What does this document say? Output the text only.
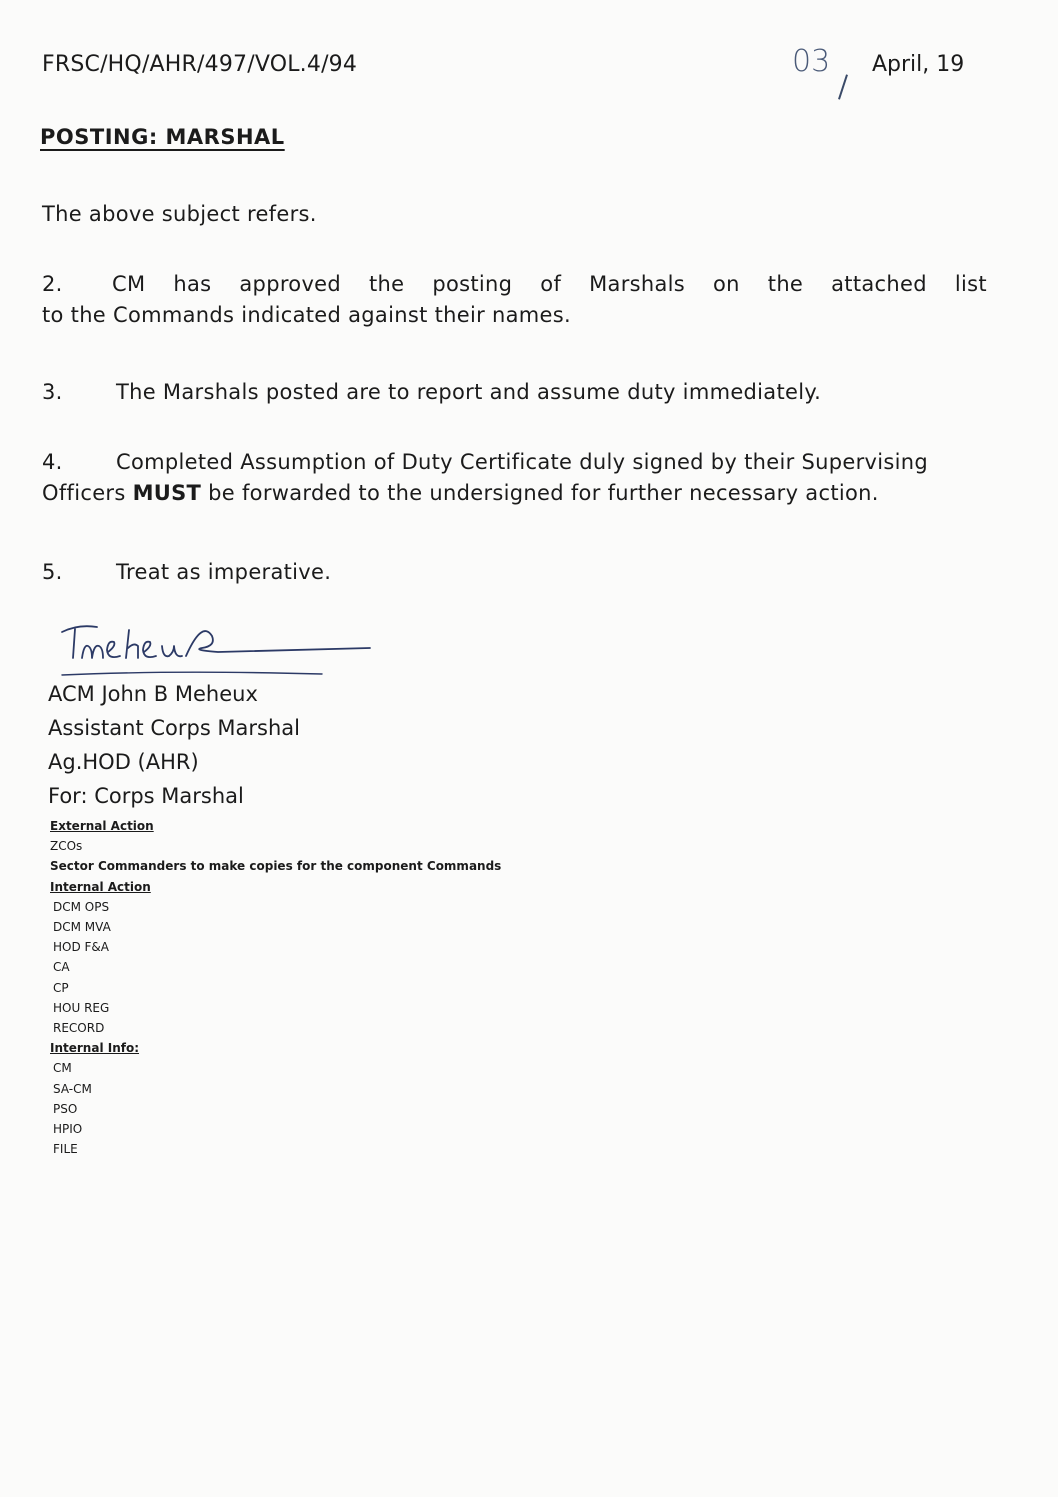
FRSC/HQ/AHR/497/VOL.4/94	03 April, 19
POSTING: MARSHAL
The above subject refers.
2. CM has approved the posting of Marshals on the attached list
to the Commands indicated against their names.
3.	The Marshals posted are to report and assume duty immediately.
4.	Completed Assumption of Duty Certificate duly signed by their Supervising
Officers MUST be forwarded to the undersigned for further necessary action.
5.	Treat as imperative.
ACM John B Meheux
Assistant Corps Marshal
Ag.HOD (AHR)
For: Corps Marshal
External Action
ZCOs
Sector Commanders to make copies for the component Commands
Internal Action
DCM OPS
DCM MVA
HOD F&A
CA
CP
HOU REG
RECORD
Internal Info:
CM
SA-CM
PSO
HPIO
FILE
